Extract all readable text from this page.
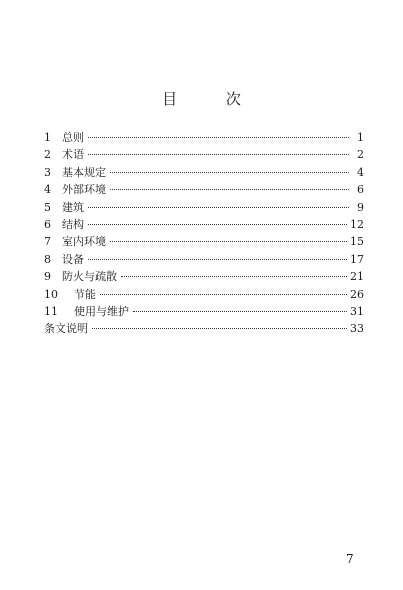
目 次
1	总则	1
2	术语	2
3	基本规定	4
4	外部环境	6
5	建筑	9
6	结构	12
7	室内环境	15
8	设备	17
9	防火与疏散	21
10	节能	26
11	使用与维护	31
条文说明	33
7
